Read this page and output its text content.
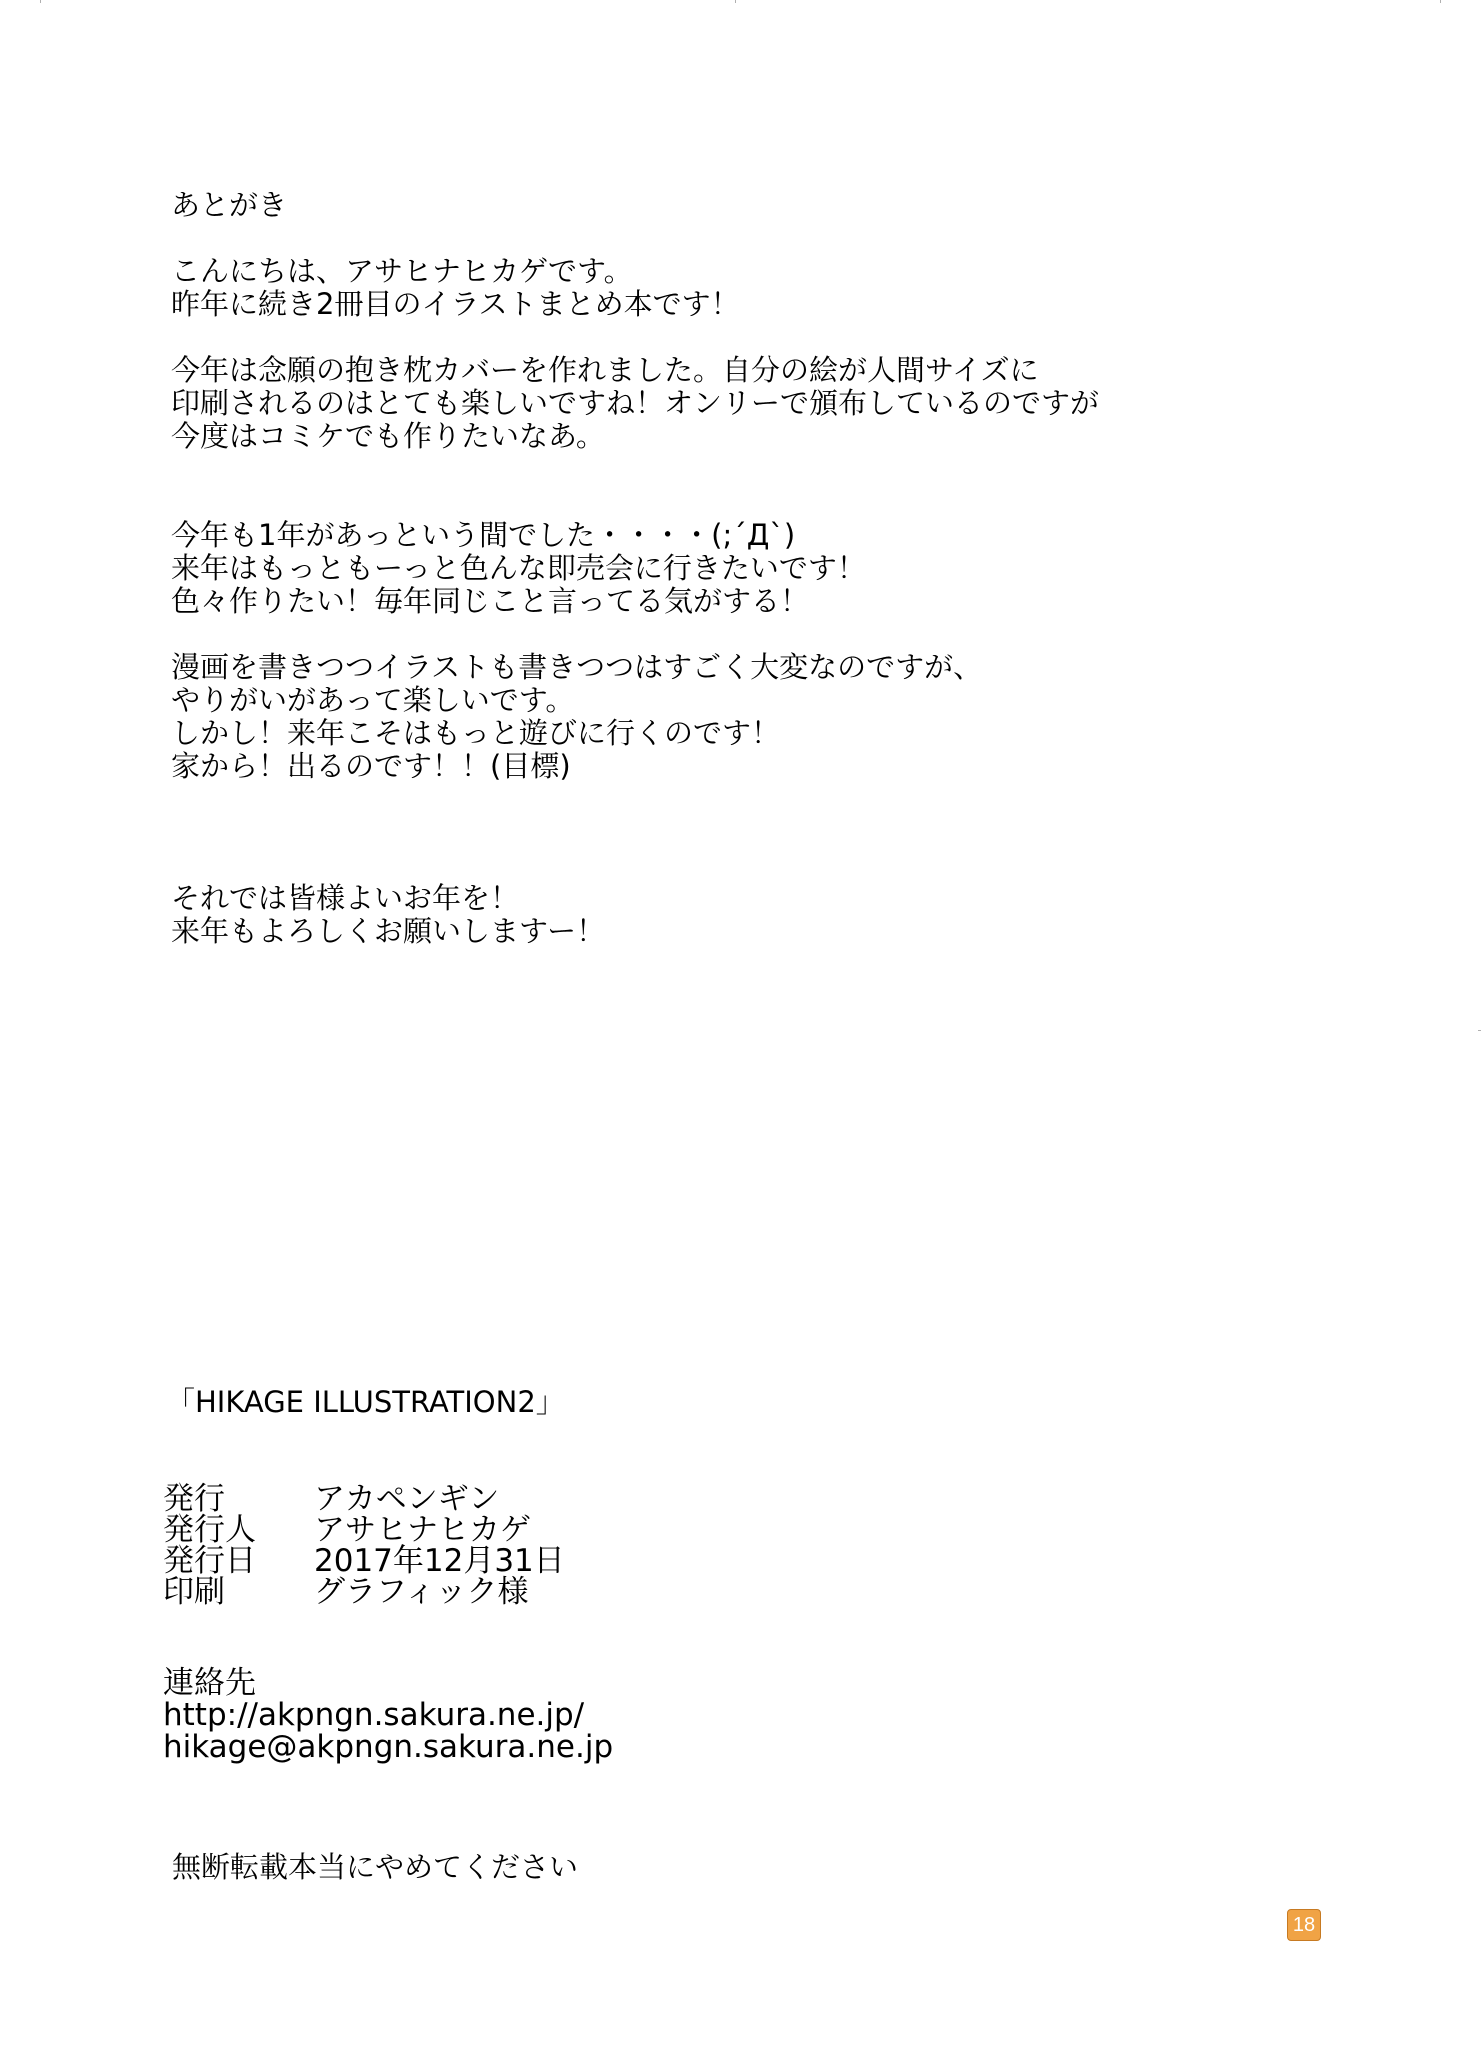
あとがき
こんにちは、アサヒナヒカゲです。
昨年に続き2冊目のイラストまとめ本です！
今年は念願の抱き枕カバーを作れました。自分の絵が人間サイズに
印刷されるのはとても楽しいですね！オンリーで頒布しているのですが
今度はコミケでも作りたいなあ。
今年も1年があっという間でした・・・・(;´Д`)
来年はもっともーっと色んな即売会に行きたいです！
色々作りたい！毎年同じこと言ってる気がする！
漫画を書きつつイラストも書きつつはすごく大変なのですが、
やりがいがあって楽しいです。
しかし！来年こそはもっと遊びに行くのです！
家から！出るのです！！(目標)
それでは皆様よいお年を！
来年もよろしくお願いしますー！
「HIKAGE ILLUSTRATION2」
発行	アカペンギン
発行人	アサヒナヒカゲ
発行日	2017年12月31日
印刷	グラフィック様
連絡先
http://akpngn.sakura.ne.jp/
hikage@akpngn.sakura.ne.jp
無断転載本当にやめてください
18
